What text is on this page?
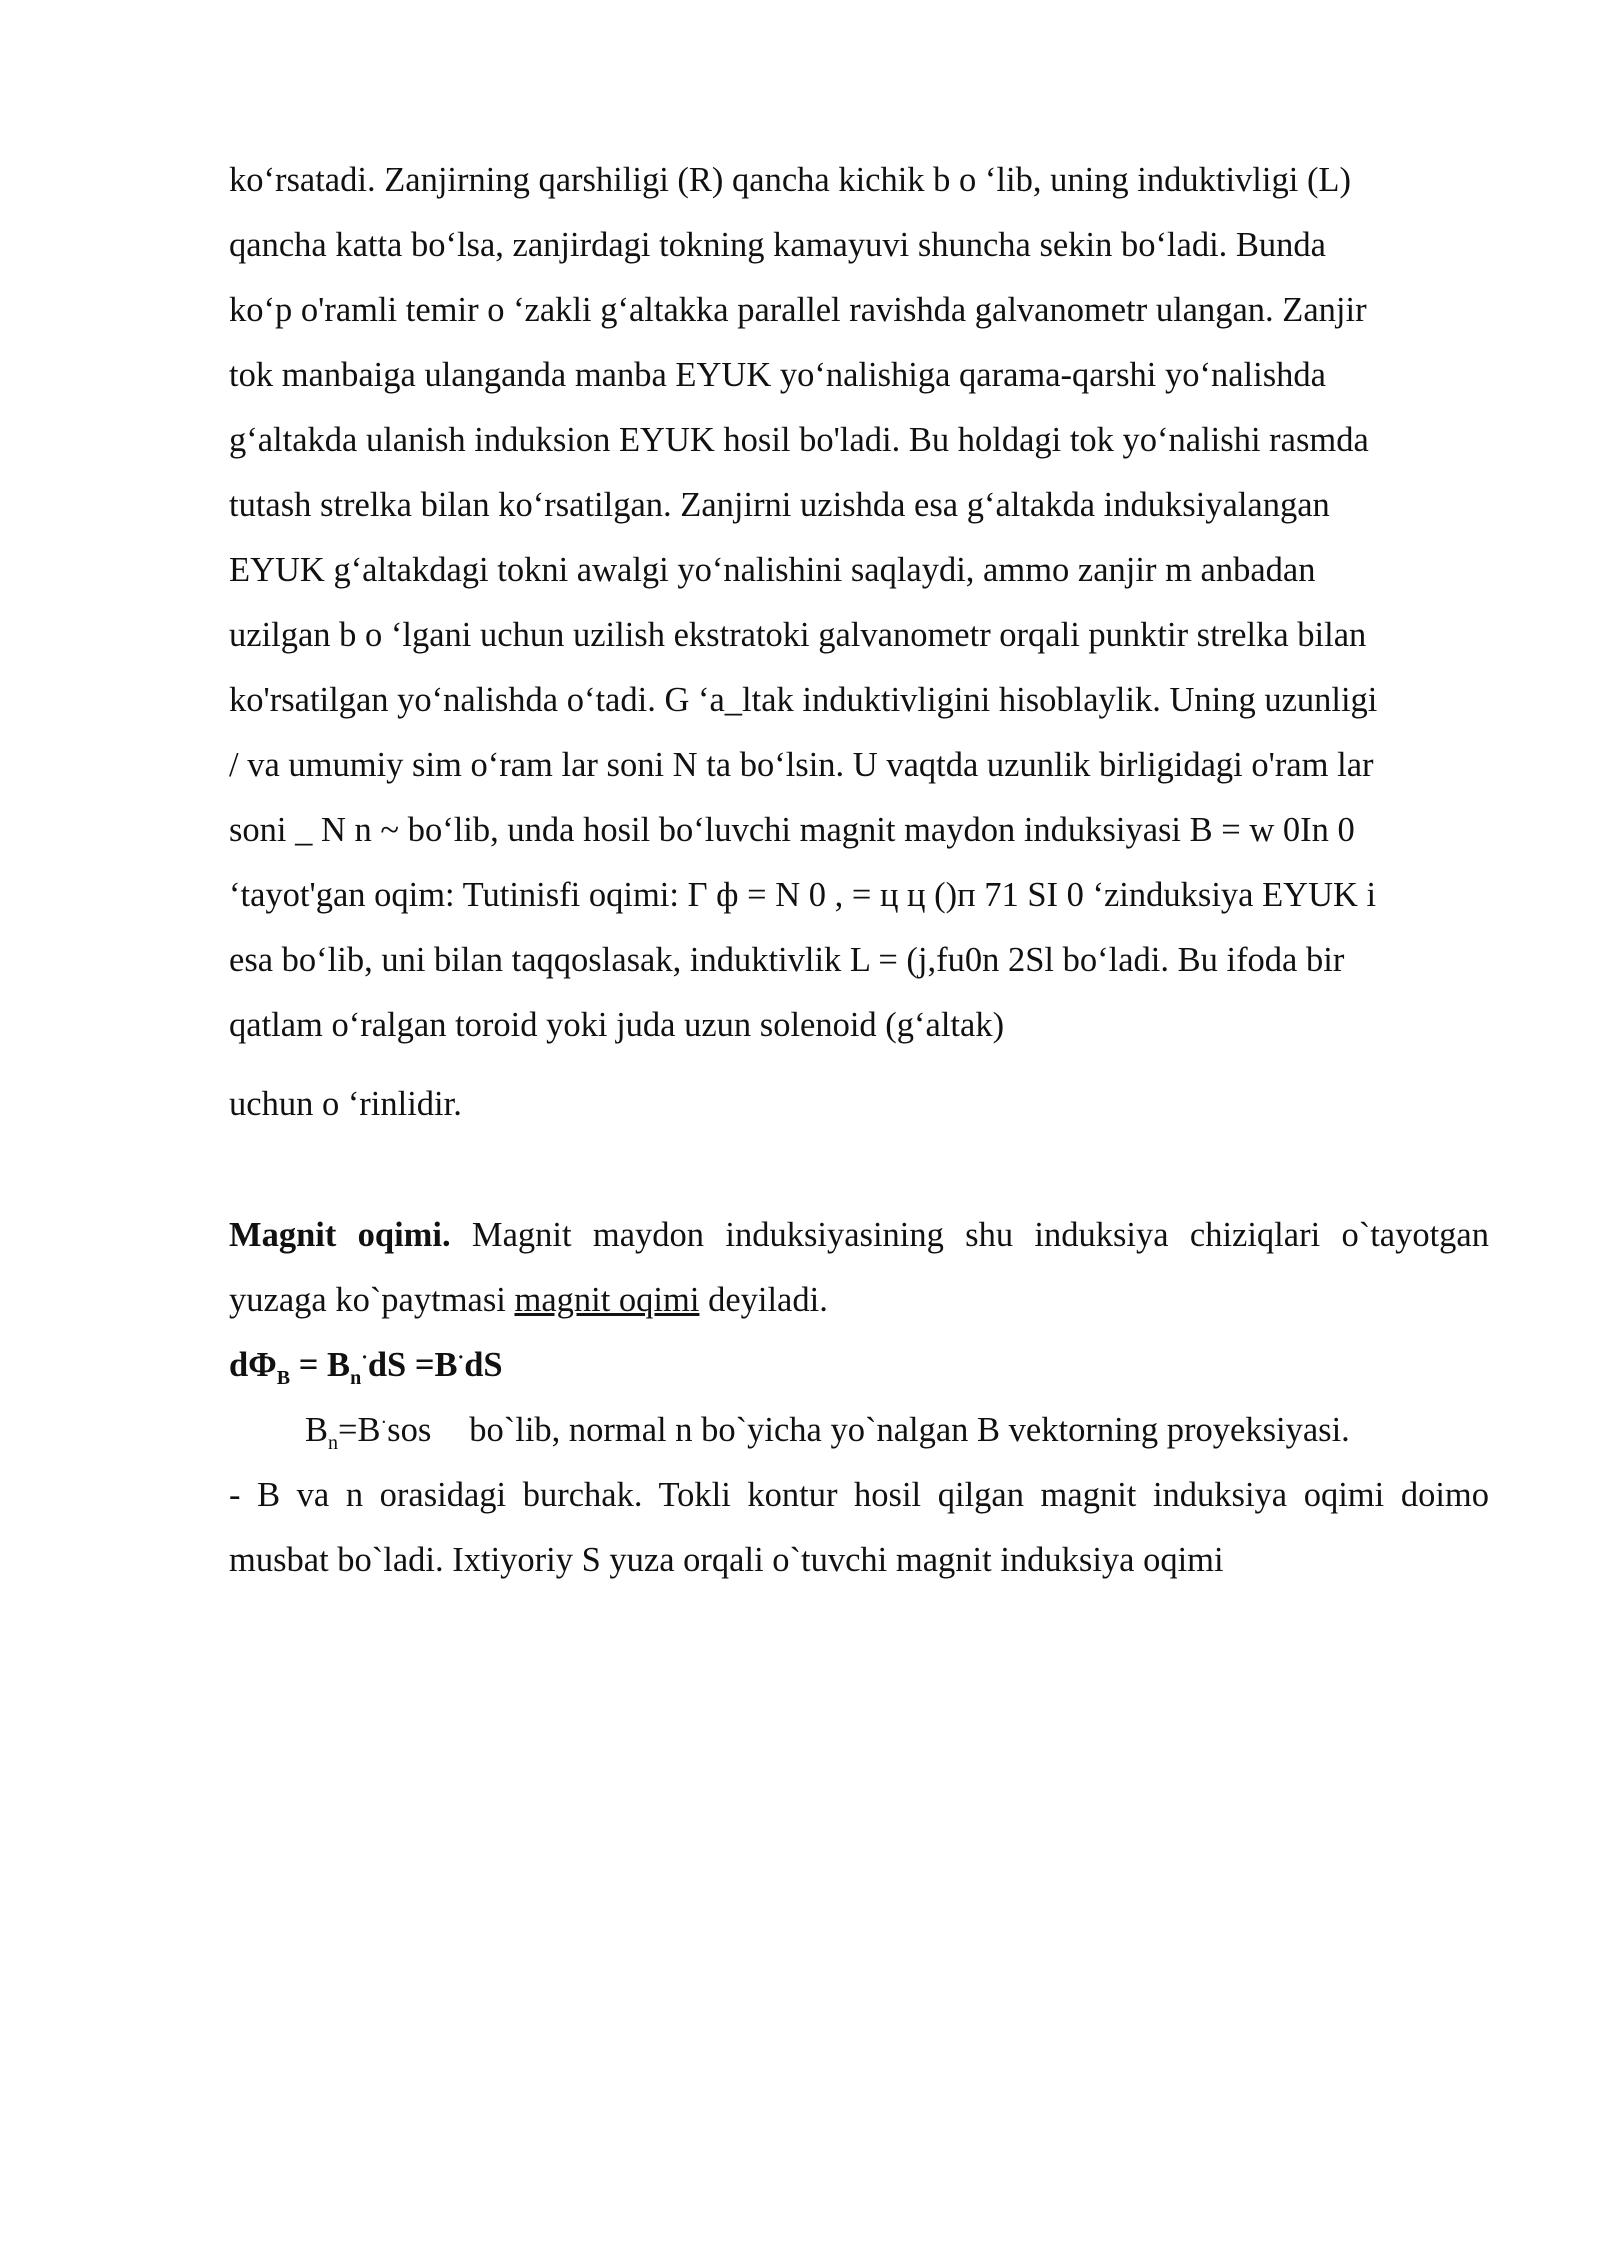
ko‘rsatadi. Zanjirning qarshiligi (R) qancha kichik b o ‘lib, uning induktivligi (L)
qancha katta bo‘lsa, zanjirdagi tokning kamayuvi shuncha sekin bo‘ladi. Bunda
ko‘p o'ramli temir o ‘zakli g‘altakka parallel ravishda galvanometr ulangan. Zanjir
tok manbaiga ulanganda manba EYUK yo‘nalishiga qarama-qarshi yo‘nalishda
g‘altakda ulanish induksion EYUK hosil bo'ladi. Bu holdagi tok yo‘nalishi rasmda
tutash strelka bilan ko‘rsatilgan. Zanjirni uzishda esa g‘altakda induksiyalangan
EYUK g‘altakdagi tokni awalgi yo‘nalishini saqlaydi, ammo zanjir m anbadan
uzilgan b o ‘lgani uchun uzilish ekstratoki galvanometr orqali punktir strelka bilan
ko'rsatilgan yo‘nalishda o‘tadi. G ‘a_ltak induktivligini hisoblaylik. Uning uzunligi
/ va umumiy sim o‘ram lar soni N ta bo‘lsin. U vaqtda uzunlik birligidagi o'ram lar
soni _ N n ~ bo‘lib, unda hosil bo‘luvchi magnit maydon induksiyasi B = w 0In 0
‘tayot'gan oqim: Tutinisfi oqimi: Г ф = N 0 , = ц ц ()п 71 SI 0 ‘zinduksiya EYUK i
esa bo‘lib, uni bilan taqqoslasak, induktivlik L = (j,fu0n 2Sl bo‘ladi. Bu ifoda bir
qatlam o‘ralgan toroid yoki juda uzun solenoid (g‘altak)
uchun o ‘rinlidir.
Magnit oqimi. Magnit maydon induksiyasining shu induksiya chiziqlari o`tayotgan yuzaga ko`paytmasi magnit oqimi deyiladi.
$d\Phi_B = B_n^\cdot dS =B^\cdot dS$
$B_n=B^\cdot sos$ bo`lib, normal n bo`yicha yo`nalgan B vektorning proyeksiyasi.
- B va n orasidagi burchak. Tokli kontur hosil qilgan magnit induksiya oqimi doimo musbat bo`ladi. Ixtiyoriy S yuza orqali o`tuvchi magnit induksiya oqimi
